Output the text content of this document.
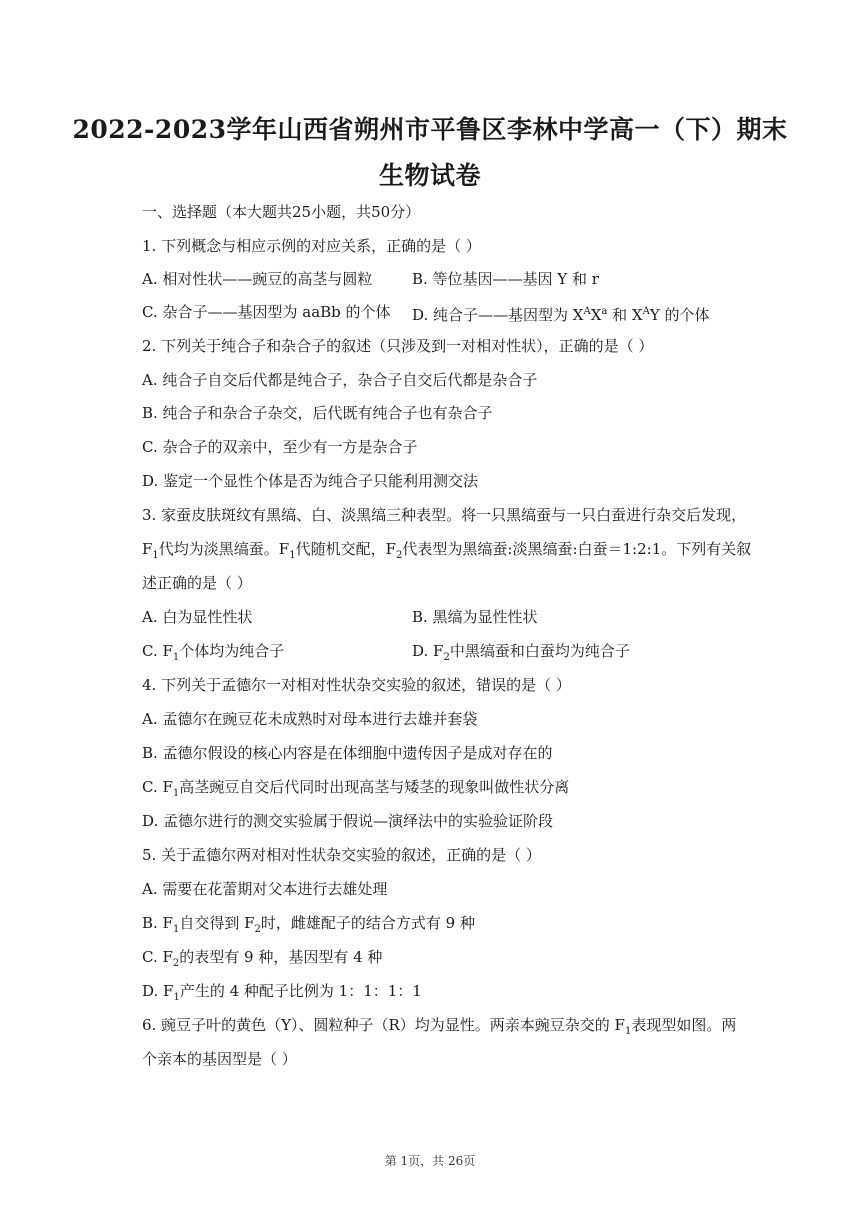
2022-2023学年山西省朔州市平鲁区李林中学高一（下）期末
生物试卷
一、选择题（本大题共25小题，共50分）
1. 下列概念与相应示例的对应关系，正确的是（ ）
A. 相对性状——豌豆的高茎与圆粒	B. 等位基因——基因 Y 和 r
C. 杂合子——基因型为 aaBb 的个体 D. 纯合子——基因型为 $X^AX^a$ 和 $X^AY$ 的个体
2. 下列关于纯合子和杂合子的叙述（只涉及到一对相对性状），正确的是（ ）
A. 纯合子自交后代都是纯合子，杂合子自交后代都是杂合子
B. 纯合子和杂合子杂交，后代既有纯合子也有杂合子
C. 杂合子的双亲中，至少有一方是杂合子
D. 鉴定一个显性个体是否为纯合子只能利用测交法
3. 家蚕皮肤斑纹有黑缟、白、淡黑缟三种表型。将一只黑缟蚕与一只白蚕进行杂交后发现，
$F_1$代均为淡黑缟蚕。$F_1$代随机交配，$F_2$代表型为黑缟蚕:淡黑缟蚕:白蚕＝1:2:1。下列有关叙
述正确的是（ ）
A. 白为显性性状	B. 黑缟为显性性状
C. $F_1$个体均为纯合子	D. $F_2$中黑缟蚕和白蚕均为纯合子
4. 下列关于孟德尔一对相对性状杂交实验的叙述，错误的是（ ）
A. 孟德尔在豌豆花未成熟时对母本进行去雄并套袋
B. 孟德尔假设的核心内容是在体细胞中遗传因子是成对存在的
C. $F_1$高茎豌豆自交后代同时出现高茎与矮茎的现象叫做性状分离
D. 孟德尔进行的测交实验属于假说—演绎法中的实验验证阶段
5. 关于孟德尔两对相对性状杂交实验的叙述，正确的是（ ）
A. 需要在花蕾期对父本进行去雄处理
B. $F_1$自交得到 $F_2$时，雌雄配子的结合方式有 9 种
C. $F_2$的表型有 9 种，基因型有 4 种
D. $F_1$产生的 4 种配子比例为 1：1：1：1
6. 豌豆子叶的黄色（Y）、圆粒种子（R）均为显性。两亲本豌豆杂交的 $F_1$表现型如图。两
个亲本的基因型是（ ）
第 1页，共 26页
